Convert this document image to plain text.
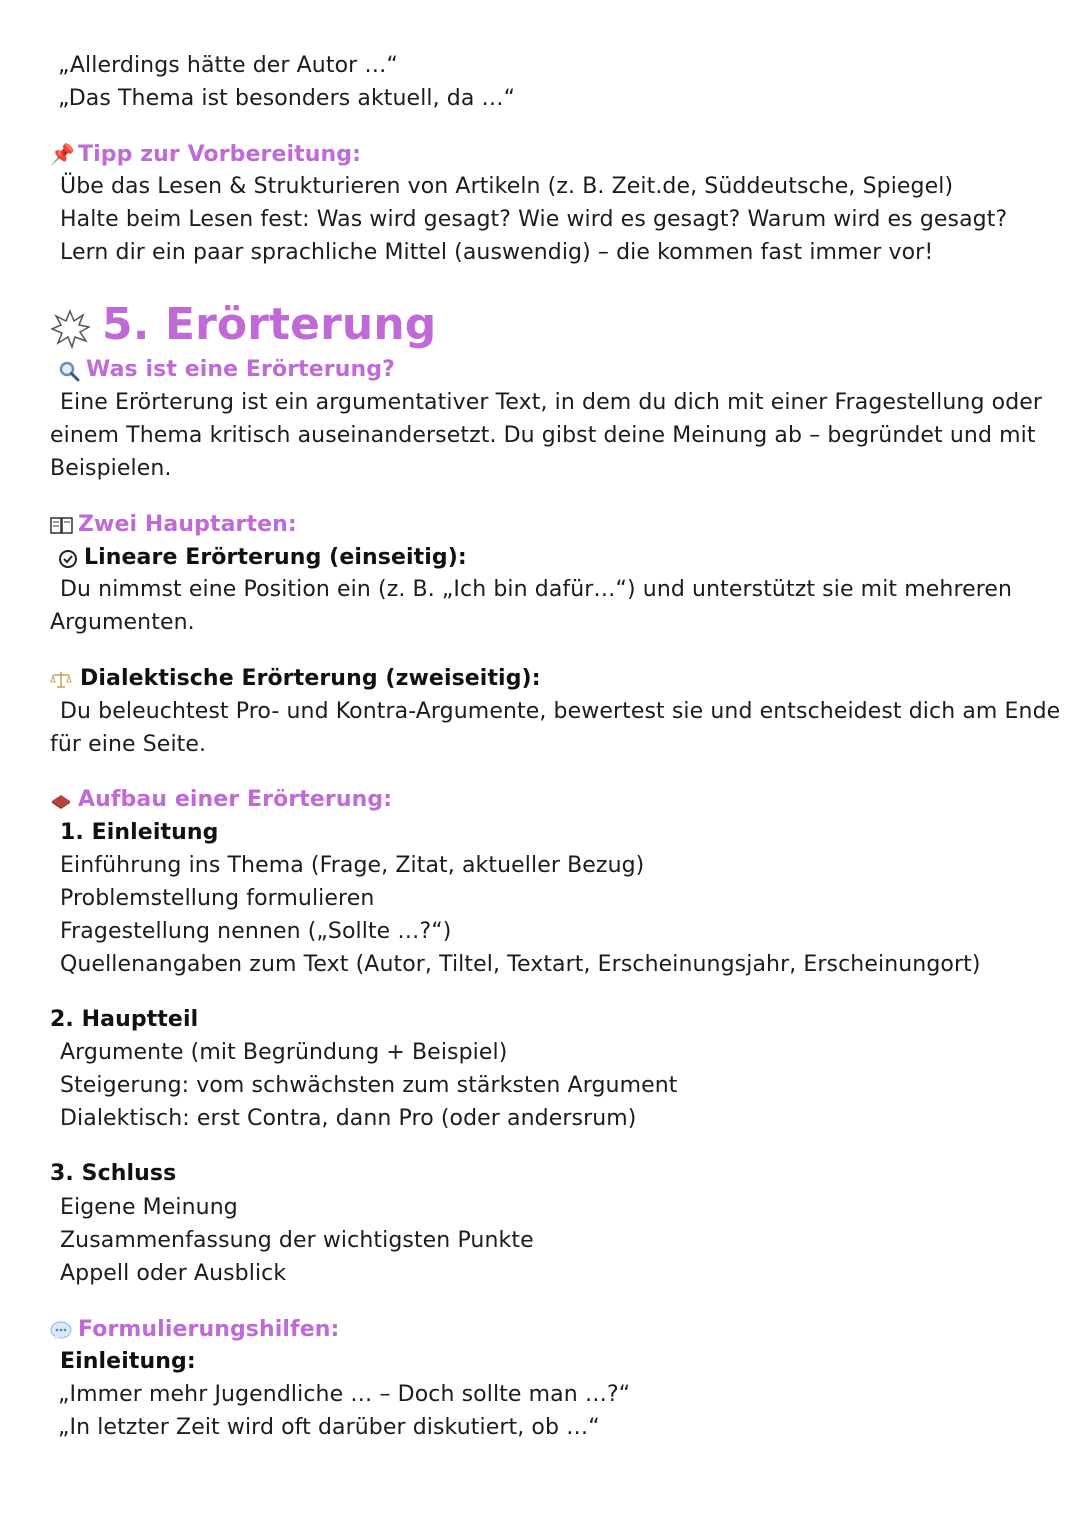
„Allerdings hätte der Autor …“
„Das Thema ist besonders aktuell, da …“
📌 Tipp zur Vorbereitung:
Übe das Lesen & Strukturieren von Artikeln (z. B. Zeit.de, Süddeutsche, Spiegel)
Halte beim Lesen fest: Was wird gesagt? Wie wird es gesagt? Warum wird es gesagt?
Lern dir ein paar sprachliche Mittel (auswendig) – die kommen fast immer vor!
5. Erörterung
Was ist eine Erörterung?
Eine Erörterung ist ein argumentativer Text, in dem du dich mit einer Fragestellung oder
einem Thema kritisch auseinandersetzt. Du gibst deine Meinung ab – begründet und mit
Beispielen.
Zwei Hauptarten:
Lineare Erörterung (einseitig):
Du nimmst eine Position ein (z. B. „Ich bin dafür…“) und unterstützt sie mit mehreren
Argumenten.
Dialektische Erörterung (zweiseitig):
Du beleuchtest Pro- und Kontra-Argumente, bewertest sie und entscheidest dich am Ende
für eine Seite.
Aufbau einer Erörterung:
1. Einleitung
Einführung ins Thema (Frage, Zitat, aktueller Bezug)
Problemstellung formulieren
Fragestellung nennen („Sollte …?“)
Quellenangaben zum Text (Autor, Tiltel, Textart, Erscheinungsjahr, Erscheinungort)
2. Hauptteil
Argumente (mit Begründung + Beispiel)
Steigerung: vom schwächsten zum stärksten Argument
Dialektisch: erst Contra, dann Pro (oder andersrum)
3. Schluss
Eigene Meinung
Zusammenfassung der wichtigsten Punkte
Appell oder Ausblick
Formulierungshilfen:
Einleitung:
„Immer mehr Jugendliche … – Doch sollte man …?“
„In letzter Zeit wird oft darüber diskutiert, ob …“
